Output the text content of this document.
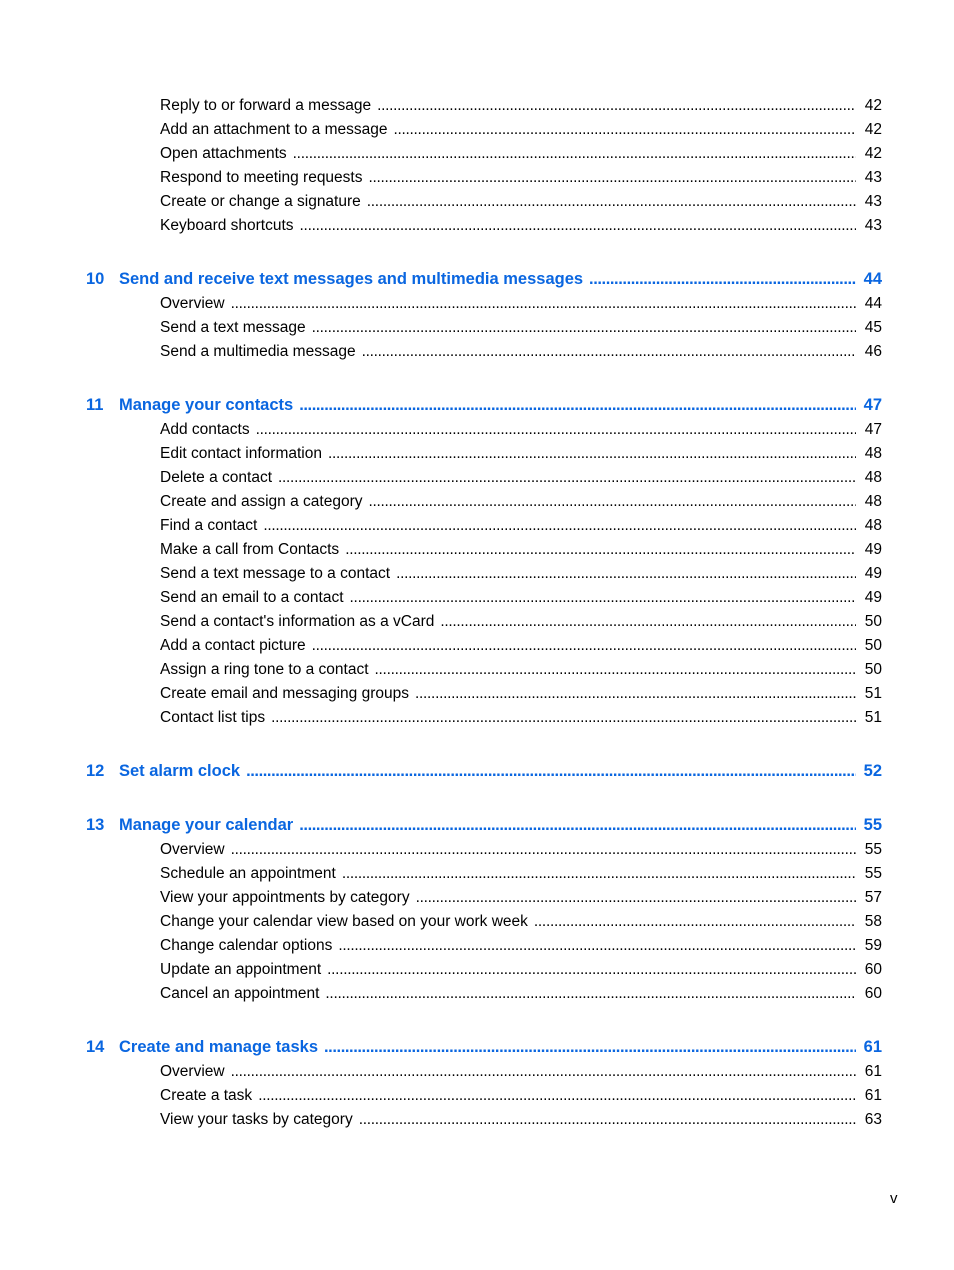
Reply to or forward a message . . .	42
Add an attachment to a message . . .	42
Open attachments . . .	42
Respond to meeting requests . . .	43
Create or change a signature . . .	43
Keyboard shortcuts . . .	43
10 Send and receive text messages and multimedia messages . . .	44
Overview . . .	44
Send a text message . . .	45
Send a multimedia message . . .	46
11 Manage your contacts . . .	47
Add contacts . . .	47
Edit contact information . . .	48
Delete a contact . . .	48
Create and assign a category . . .	48
Find a contact . . .	48
Make a call from Contacts . . .	49
Send a text message to a contact . . .	49
Send an email to a contact . . .	49
Send a contact's information as a vCard . . .	50
Add a contact picture . . .	50
Assign a ring tone to a contact . . .	50
Create email and messaging groups . . .	51
Contact list tips . . .	51
12 Set alarm clock . . .	52
13 Manage your calendar . . .	55
Overview . . .	55
Schedule an appointment . . .	55
View your appointments by category . . .	57
Change your calendar view based on your work week . . .	58
Change calendar options . . .	59
Update an appointment . . .	60
Cancel an appointment . . .	60
14 Create and manage tasks . . .	61
Overview . . .	61
Create a task . . .	61
View your tasks by category . . .	63
v
